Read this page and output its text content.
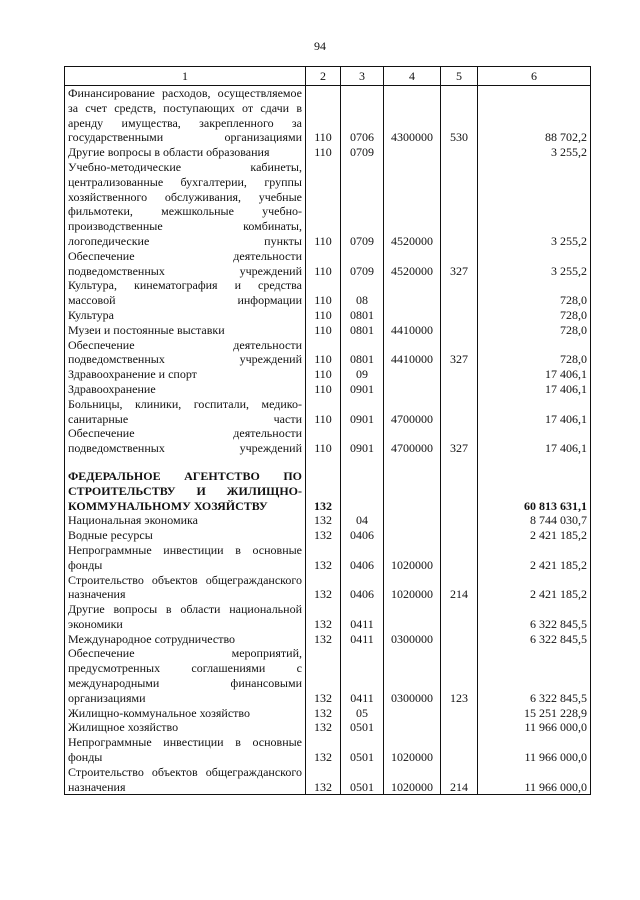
94
1	2	3	4	5	6
Финансирование расходов, осуществляемое за счет средств, поступающих от сдачи в аренду имущества, закрепленного за государственными организациями	110	0706	4300000	530	88 702,2
Другие вопросы в области образования	110	0709			3 255,2
Учебно-методические кабинеты, централизованные бухгалтерии, группы хозяйственного обслуживания, учебные фильмотеки, межшкольные учебно-производственные комбинаты, логопедические пункты	110	0709	4520000		3 255,2
Обеспечение деятельности подведомственных учреждений	110	0709	4520000	327	3 255,2
Культура, кинематография и средства массовой информации	110	08			728,0
Культура	110	0801			728,0
Музеи и постоянные выставки	110	0801	4410000		728,0
Обеспечение деятельности подведомственных учреждений	110	0801	4410000	327	728,0
Здравоохранение и спорт	110	09			17 406,1
Здравоохранение	110	0901			17 406,1
Больницы, клиники, госпитали, медико-санитарные части	110	0901	4700000		17 406,1
Обеспечение деятельности подведомственных учреждений	110	0901	4700000	327	17 406,1

ФЕДЕРАЛЬНОЕ АГЕНТСТВО ПО СТРОИТЕЛЬСТВУ И ЖИЛИЩНО-КОММУНАЛЬНОМУ ХОЗЯЙСТВУ	132				60 813 631,1
Национальная экономика	132	04			8 744 030,7
Водные ресурсы	132	0406			2 421 185,2
Непрограммные инвестиции в основные фонды	132	0406	1020000		2 421 185,2
Строительство объектов общегражданского назначения	132	0406	1020000	214	2 421 185,2
Другие вопросы в области национальной экономики	132	0411			6 322 845,5
Международное сотрудничество	132	0411	0300000		6 322 845,5
Обеспечение мероприятий, предусмотренных соглашениями с международными финансовыми организациями	132	0411	0300000	123	6 322 845,5
Жилищно-коммунальное хозяйство	132	05			15 251 228,9
Жилищное хозяйство	132	0501			11 966 000,0
Непрограммные инвестиции в основные фонды	132	0501	1020000		11 966 000,0
Строительство объектов общегражданского назначения	132	0501	1020000	214	11 966 000,0
